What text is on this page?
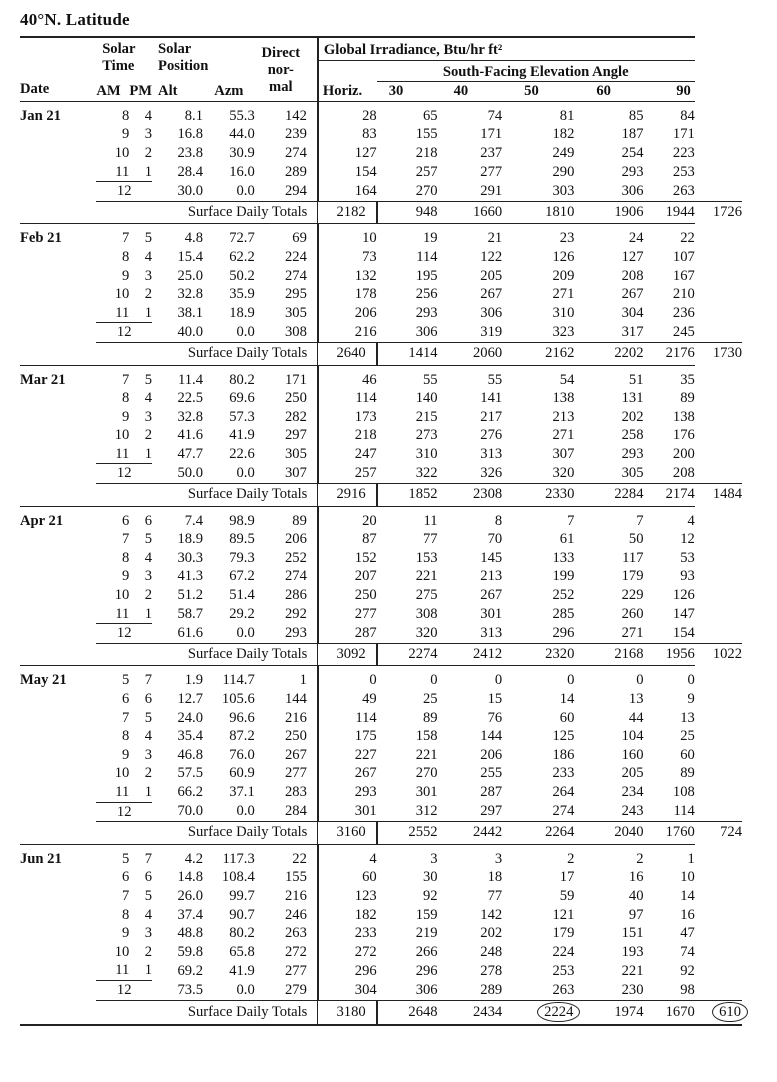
40°N. Latitude
Date	Solar Time		Solar Position		Direct nor-mal	Global Irradiance, Btu/hr ft²						
							South-Facing Elevation Angle					
	AM	PM	Alt	Azm		Horiz.	30	40	50	60	90	
Jan 21	8	4	8.1	55.3	142	28	65	74	81	85	84	
	9	3	16.8	44.0	239	83	155	171	182	187	171	
	10	2	23.8	30.9	274	127	218	237	249	254	223	
	11	1	28.4	16.0	289	154	257	277	290	293	253	
	12		30.0	0.0	294	164	270	291	303	306	263	
	Surface Daily Totals					2182	948	1660	1810	1906	1944	1726
Feb 21	7	5	4.8	72.7	69	10	19	21	23	24	22	
	8	4	15.4	62.2	224	73	114	122	126	127	107	
	9	3	25.0	50.2	274	132	195	205	209	208	167	
	10	2	32.8	35.9	295	178	256	267	271	267	210	
	11	1	38.1	18.9	305	206	293	306	310	304	236	
	12		40.0	0.0	308	216	306	319	323	317	245	
	Surface Daily Totals					2640	1414	2060	2162	2202	2176	1730
Mar 21	7	5	11.4	80.2	171	46	55	55	54	51	35	
	8	4	22.5	69.6	250	114	140	141	138	131	89	
	9	3	32.8	57.3	282	173	215	217	213	202	138	
	10	2	41.6	41.9	297	218	273	276	271	258	176	
	11	1	47.7	22.6	305	247	310	313	307	293	200	
	12		50.0	0.0	307	257	322	326	320	305	208	
	Surface Daily Totals					2916	1852	2308	2330	2284	2174	1484
Apr 21	6	6	7.4	98.9	89	20	11	8	7	7	4	
	7	5	18.9	89.5	206	87	77	70	61	50	12	
	8	4	30.3	79.3	252	152	153	145	133	117	53	
	9	3	41.3	67.2	274	207	221	213	199	179	93	
	10	2	51.2	51.4	286	250	275	267	252	229	126	
	11	1	58.7	29.2	292	277	308	301	285	260	147	
	12		61.6	0.0	293	287	320	313	296	271	154	
	Surface Daily Totals					3092	2274	2412	2320	2168	1956	1022
May 21	5	7	1.9	114.7	1	0	0	0	0	0	0	
	6	6	12.7	105.6	144	49	25	15	14	13	9	
	7	5	24.0	96.6	216	114	89	76	60	44	13	
	8	4	35.4	87.2	250	175	158	144	125	104	25	
	9	3	46.8	76.0	267	227	221	206	186	160	60	
	10	2	57.5	60.9	277	267	270	255	233	205	89	
	11	1	66.2	37.1	283	293	301	287	264	234	108	
	12		70.0	0.0	284	301	312	297	274	243	114	
	Surface Daily Totals					3160	2552	2442	2264	2040	1760	724
Jun 21	5	7	4.2	117.3	22	4	3	3	2	2	1	
	6	6	14.8	108.4	155	60	30	18	17	16	10	
	7	5	26.0	99.7	216	123	92	77	59	40	14	
	8	4	37.4	90.7	246	182	159	142	121	97	16	
	9	3	48.8	80.2	263	233	219	202	179	151	47	
	10	2	59.8	65.8	272	272	266	248	224	193	74	
	11	1	69.2	41.9	277	296	296	278	253	221	92	
	12		73.5	0.0	279	304	306	289	263	230	98	
	Surface Daily Totals					3180	2648	2434	2224	1974	1670	610
